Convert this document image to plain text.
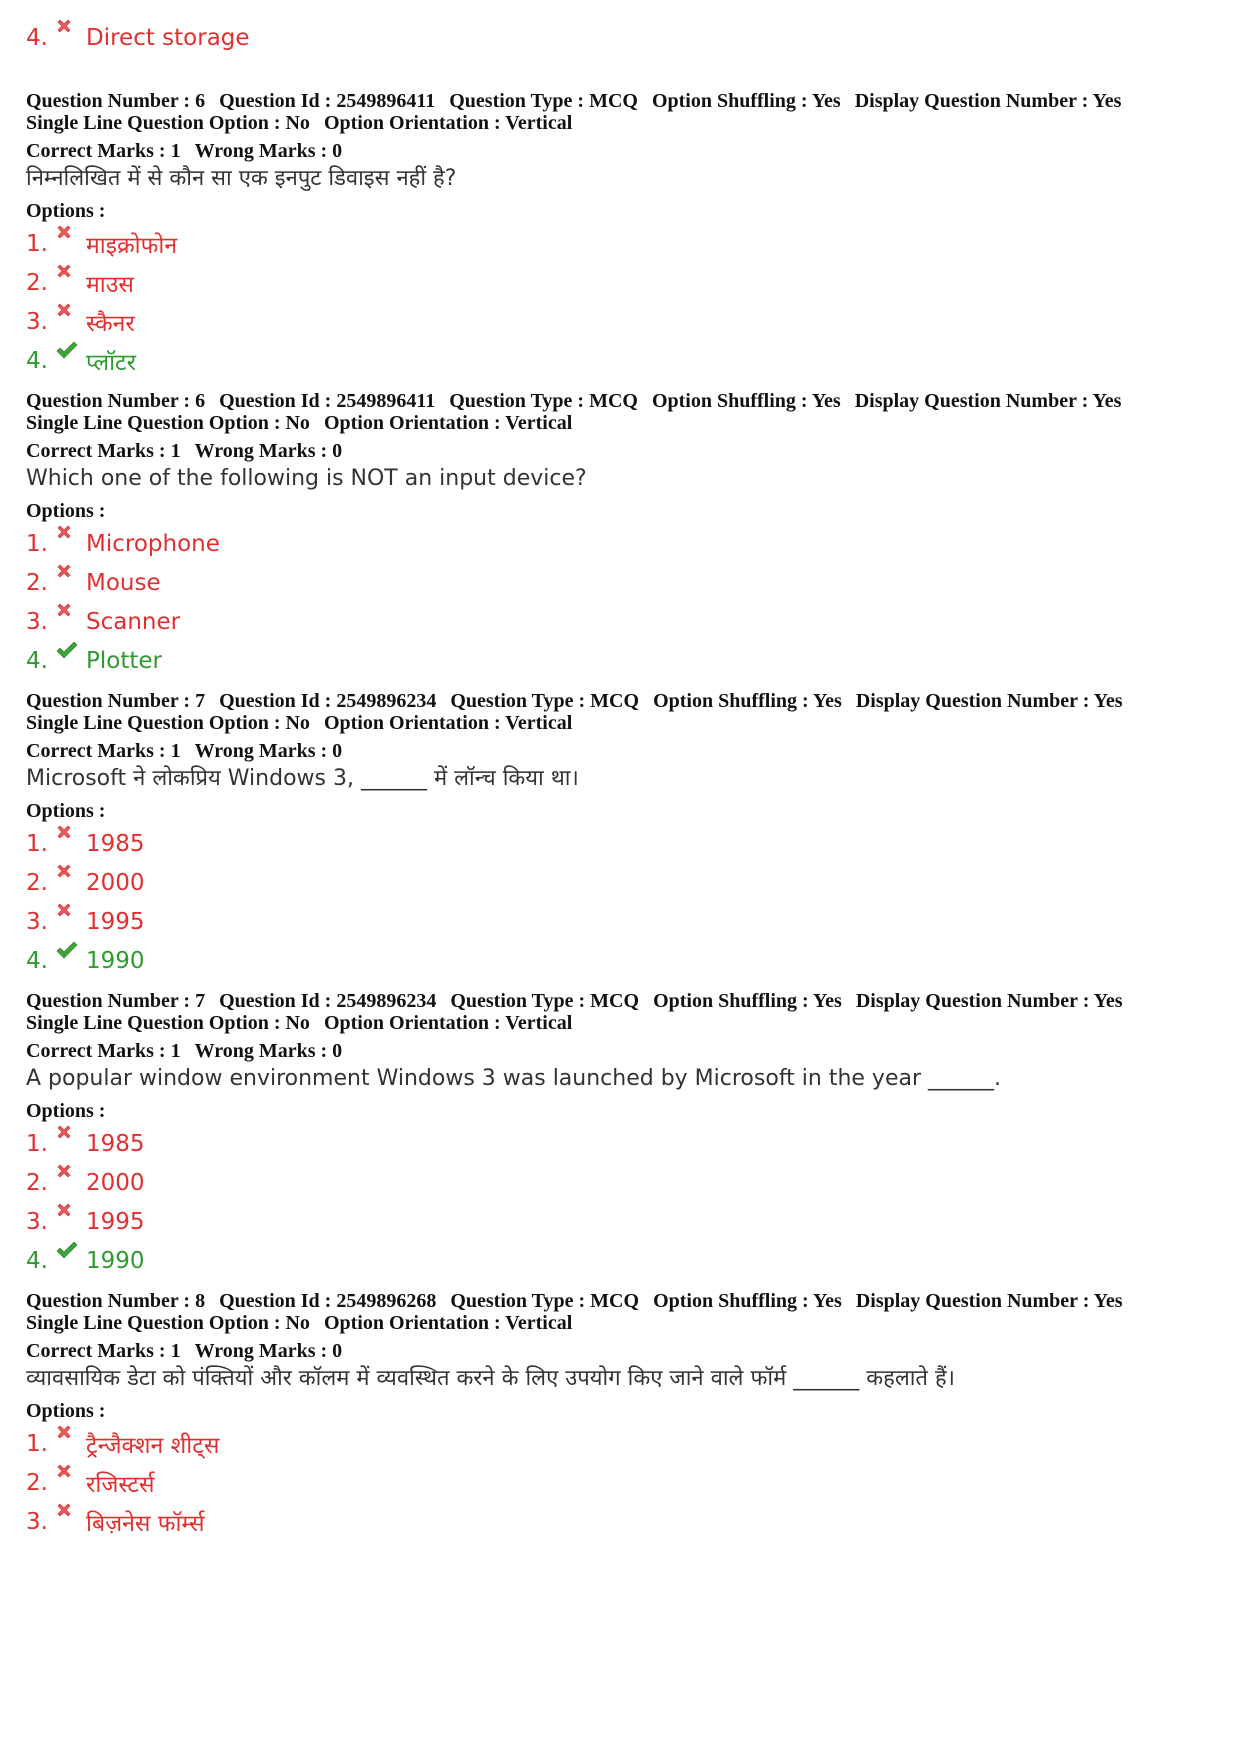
4.	Direct storage
Question Number : 6 Question Id : 2549896411 Question Type : MCQ Option Shuffling : Yes Display Question Number : Yes
Single Line Question Option : No Option Orientation : Vertical
Correct Marks : 1 Wrong Marks : 0
निम्नलिखित में से कौन सा एक इनपुट डिवाइस नहीं है?
Options :
1.	माइक्रोफोन
2.	माउस
3.	स्कैनर
4.	प्लॉटर
Question Number : 6 Question Id : 2549896411 Question Type : MCQ Option Shuffling : Yes Display Question Number : Yes
Single Line Question Option : No Option Orientation : Vertical
Correct Marks : 1 Wrong Marks : 0
Which one of the following is NOT an input device?
Options :
1.	Microphone
2.	Mouse
3.	Scanner
4.	Plotter
Question Number : 7 Question Id : 2549896234 Question Type : MCQ Option Shuffling : Yes Display Question Number : Yes
Single Line Question Option : No Option Orientation : Vertical
Correct Marks : 1 Wrong Marks : 0
Microsoft ने लोकप्रिय Windows 3, ______ में लॉन्च किया था।
Options :
1.	1985
2.	2000
3.	1995
4.	1990
Question Number : 7 Question Id : 2549896234 Question Type : MCQ Option Shuffling : Yes Display Question Number : Yes
Single Line Question Option : No Option Orientation : Vertical
Correct Marks : 1 Wrong Marks : 0
A popular window environment Windows 3 was launched by Microsoft in the year ______.
Options :
1.	1985
2.	2000
3.	1995
4.	1990
Question Number : 8 Question Id : 2549896268 Question Type : MCQ Option Shuffling : Yes Display Question Number : Yes
Single Line Question Option : No Option Orientation : Vertical
Correct Marks : 1 Wrong Marks : 0
व्यावसायिक डेटा को पंक्तियों और कॉलम में व्यवस्थित करने के लिए उपयोग किए जाने वाले फॉर्म ______ कहलाते हैं।
Options :
1.	ट्रैन्जैक्शन शीट्स
2.	रजिस्टर्स
3.	बिज़नेस फॉर्म्स
